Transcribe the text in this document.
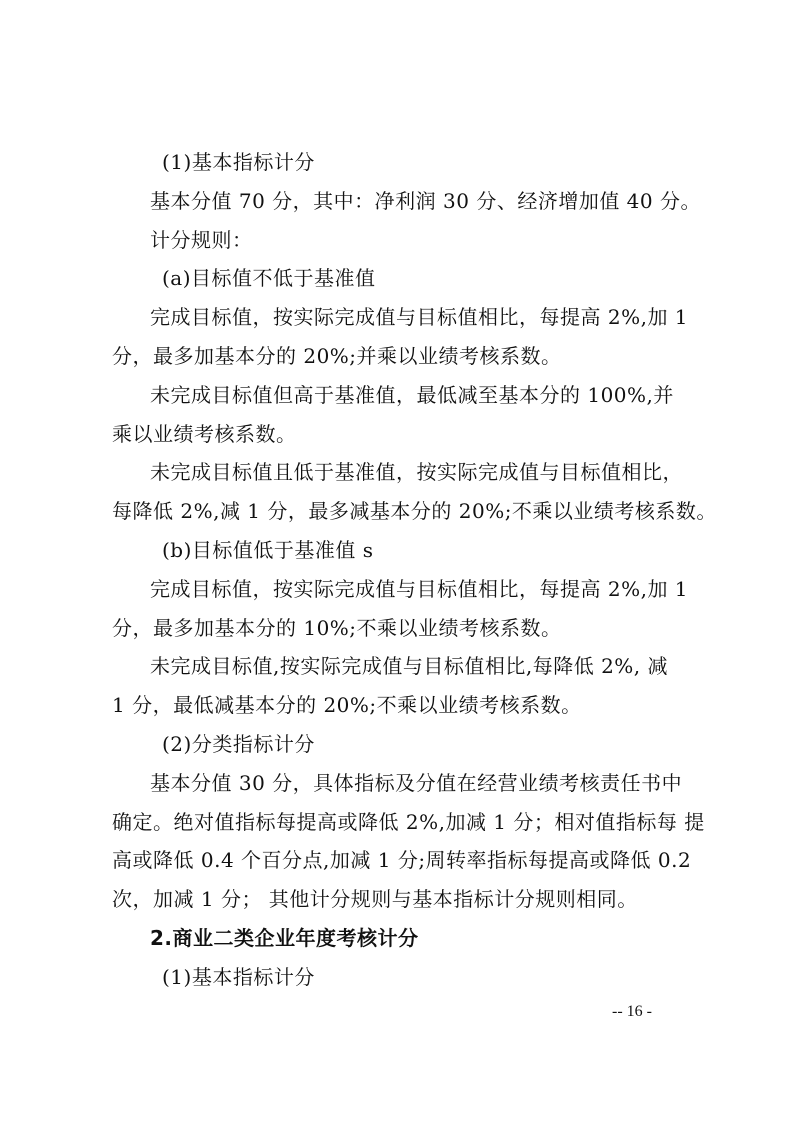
(1)基本指标计分
基本分值 70 分，其中：净利润 30 分、经济增加值 40 分。
计分规则：
(a)目标值不低于基准值
完成目标值，按实际完成值与目标值相比，每提高 2%,加 1
分，最多加基本分的 20%;并乘以业绩考核系数。
未完成目标值但高于基准值，最低减至基本分的 100%,并
乘以业绩考核系数。
未完成目标值且低于基准值，按实际完成值与目标值相比，
每降低 2%,减 1 分，最多减基本分的 20%;不乘以业绩考核系数。
(b)目标值低于基准值 s
完成目标值，按实际完成值与目标值相比，每提高 2%,加 1
分，最多加基本分的 10%;不乘以业绩考核系数。
未完成目标值,按实际完成值与目标值相比,每降低 2%, 减
1 分，最低减基本分的 20%;不乘以业绩考核系数。
(2)分类指标计分
基本分值 30 分，具体指标及分值在经营业绩考核责任书中
确定。绝对值指标每提高或降低 2%,加减 1 分；相对值指标每 提
高或降低 0.4 个百分点,加减 1 分;周转率指标每提高或降低 0.2
次，加减 1 分； 其他计分规则与基本指标计分规则相同。
2.商业二类企业年度考核计分
(1)基本指标计分
-- 16 -
